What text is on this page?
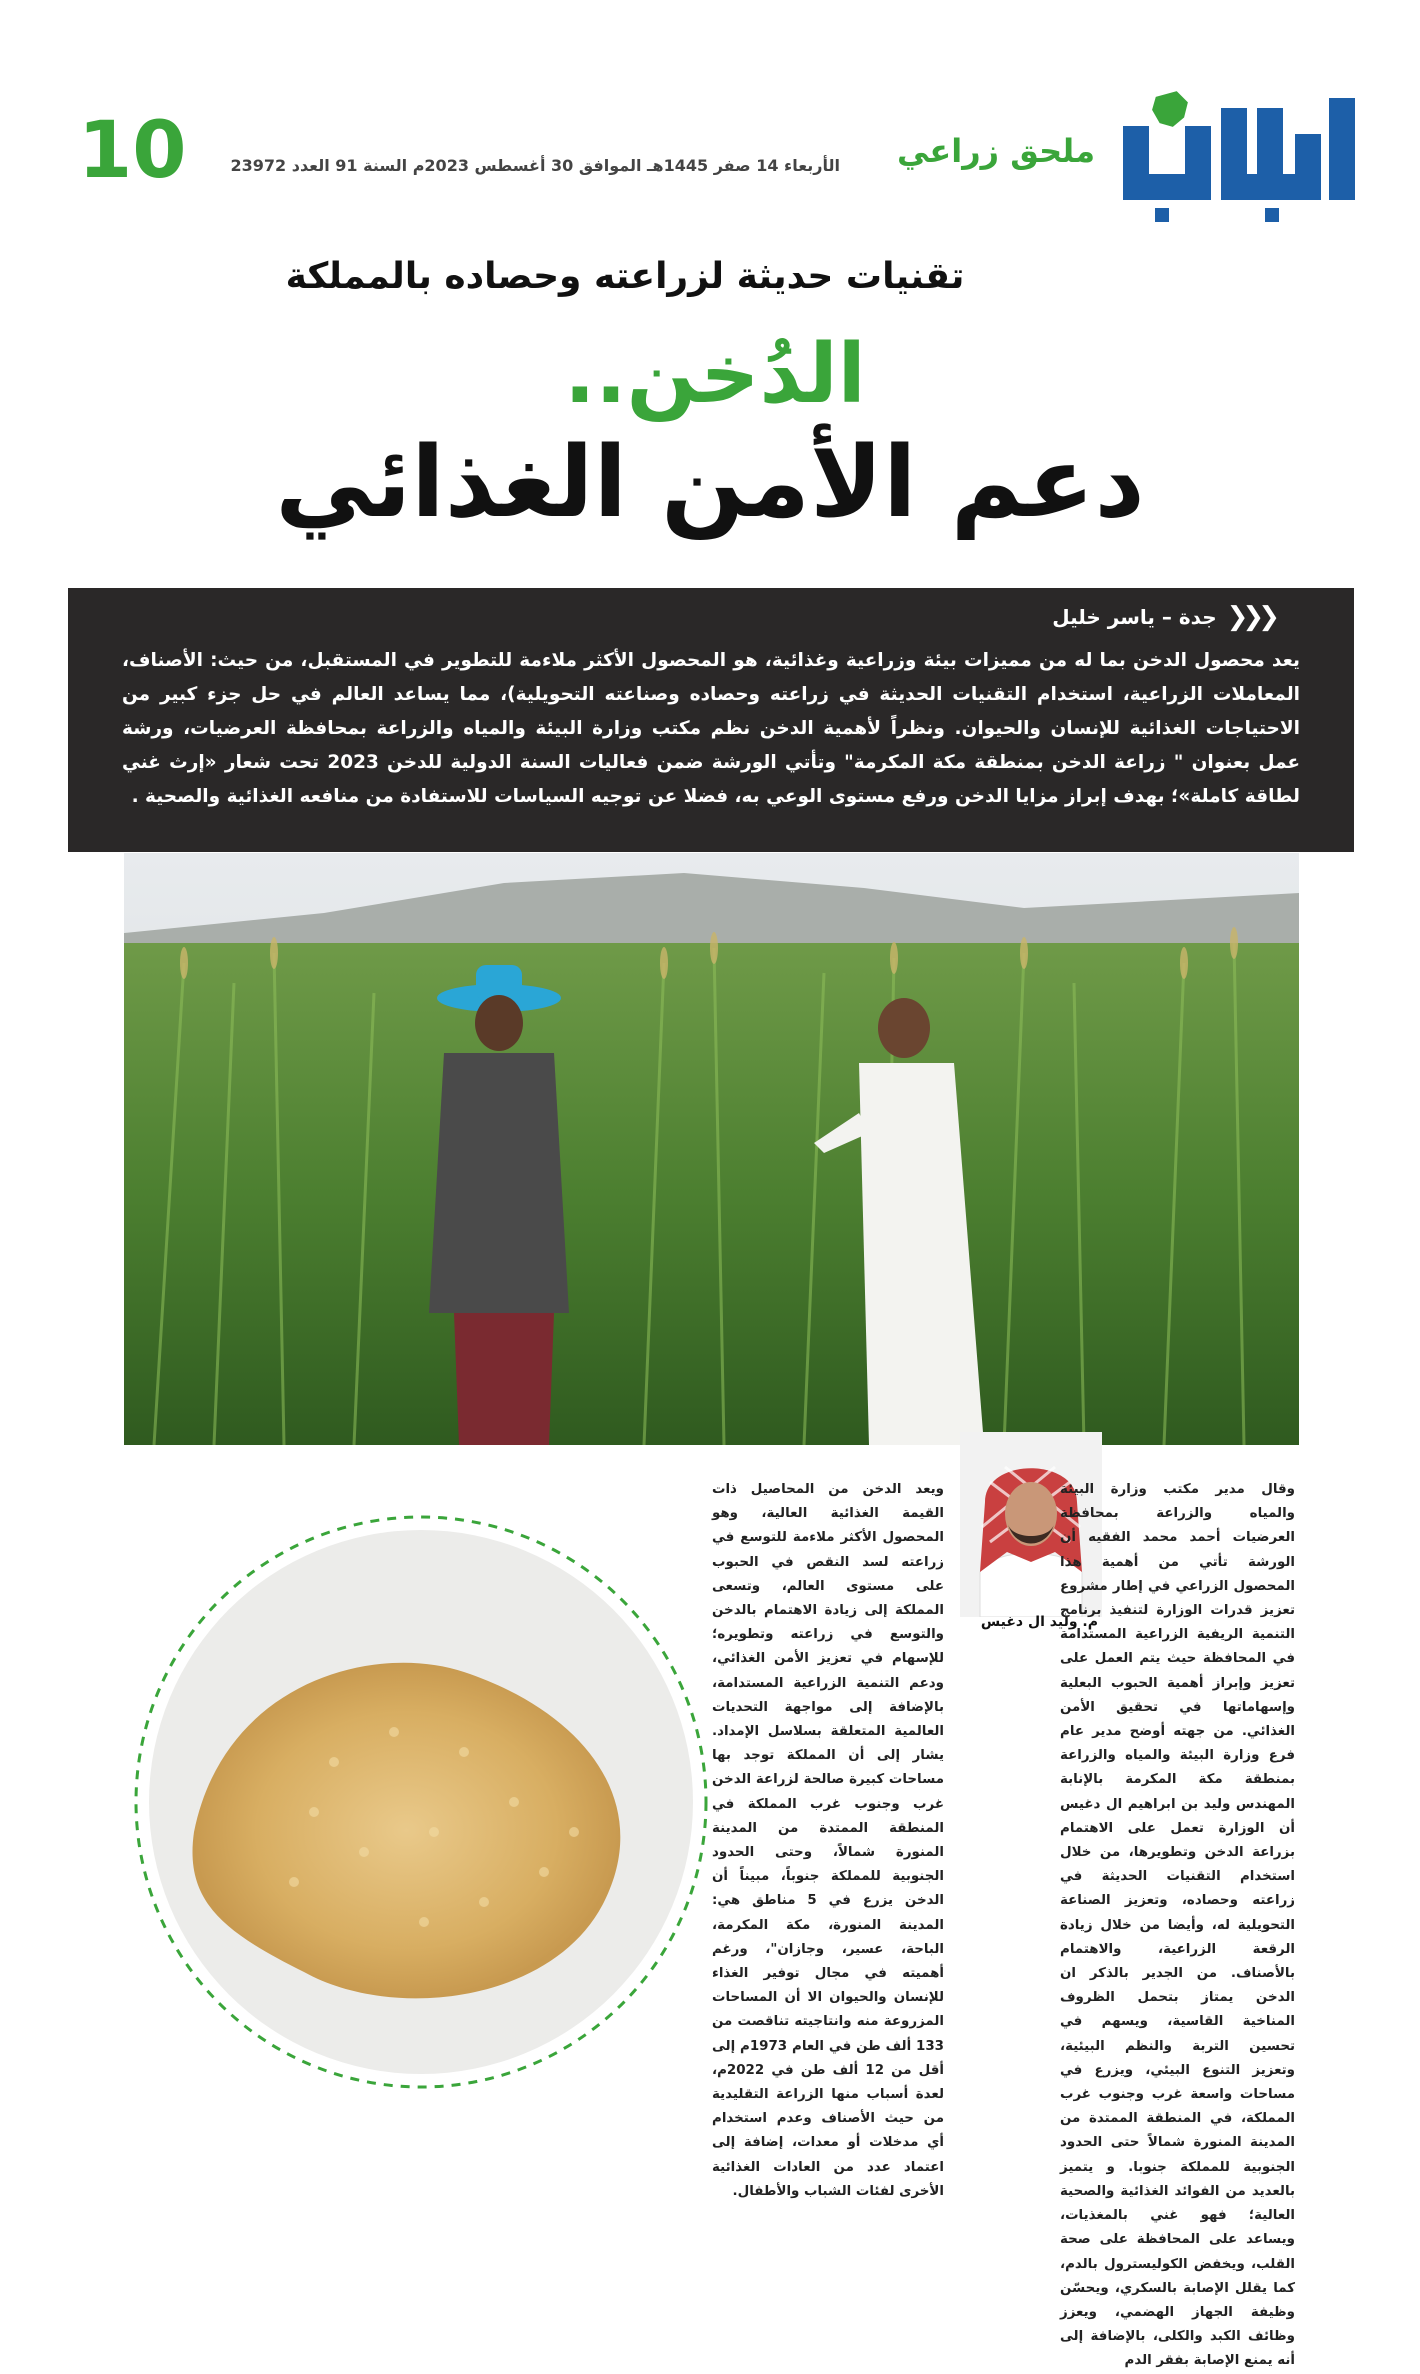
10	الأربعاء 14 صفر 1445هـ الموافق 30 أغسطس 2023م السنة 91 العدد 23972 ملحق زراعي
تقنيات حديثة لزراعته وحصاده بالمملكة
الدُخن..
دعم الأمن الغذائي
❮❮❮
جدة – ياسر خليل
يعد محصول الدخن بما له من مميزات بيئة وزراعية وغذائية، هو المحصول الأكثر ملاءمة للتطوير في المستقبل، من حيث: الأصناف، المعاملات الزراعية، استخدام التقنيات الحديثة في زراعته وحصاده وصناعته التحويلية)، مما يساعد العالم في حل جزء كبير من الاحتياجات الغذائية للإنسان والحيوان. ونظراً لأهمية الدخن نظم مكتب وزارة البيئة والمياه والزراعة بمحافظة العرضيات، ورشة عمل بعنوان " زراعة الدخن بمنطقة مكة المكرمة" وتأتي الورشة ضمن فعاليات السنة الدولية للدخن 2023 تحت شعار «إرث غني لطاقة كاملة»؛ بهدف إبراز مزايا الدخن ورفع مستوى الوعي به، فضلا عن توجيه السياسات للاستفادة من منافعه الغذائية والصحية .
م. وليد ال دغيس
وقال مدير مكتب وزارة البيئة والمياه والزراعة بمحافظة العرضيات أحمد محمد الفقيه أن الورشة تأتي من أهمية هذا المحصول الزراعي في إطار مشروع تعزيز قدرات الوزارة لتنفيذ برنامج التنمية الريفية الزراعية المستدامة في المحافظة حيث يتم العمل على تعزيز وإبراز أهمية الحبوب البعلية وإسهاماتها في تحقيق الأمن الغذائي. من جهته أوضح مدير عام فرع وزارة البيئة والمياه والزراعة بمنطقة مكة المكرمة بالإنابة المهندس وليد بن ابراهيم ال دغيس أن الوزارة تعمل على الاهتمام بزراعة الدخن وتطويرها، من خلال استخدام التقنيات الحديثة في زراعته وحصاده، وتعزيز الصناعة التحويلية له، وأيضا من خلال زيادة الرقعة الزراعية، والاهتمام بالأصناف. من الجدير بالذكر ان الدخن يمتاز بتحمل الظروف المناخية القاسية، ويسهم في تحسين التربة والنظم البيئية، وتعزيز التنوع البيئي، ويزرع في مساحات واسعة غرب وجنوب غرب المملكة، في المنطقة الممتدة من المدينة المنورة شمالاً حتى الحدود الجنوبية للمملكة جنوبا. و يتميز بالعديد من الفوائد الغذائية والصحية العالية؛ فهو غني بالمغذيات، ويساعد على المحافظة على صحة القلب، ويخفض الكوليسترول بالدم، كما يقلل الإصابة بالسكري، ويحسّن وظيفة الجهاز الهضمي، ويعزز وظائف الكبد والكلى، بالإضافة إلى أنه يمنع الإصابة بفقر الدم
ويعد الدخن من المحاصيل ذات القيمة الغذائية العالية، وهو المحصول الأكثر ملاءمة للتوسع في زراعته لسد النقص في الحبوب على مستوى العالم، وتسعى المملكة إلى زيادة الاهتمام بالدخن والتوسع في زراعته وتطويره؛ للإسهام في تعزيز الأمن الغذائي، ودعم التنمية الزراعية المستدامة، بالإضافة إلى مواجهة التحديات العالمية المتعلقة بسلاسل الإمداد. يشار إلى أن المملكة توجد بها مساحات كبيرة صالحة لزراعة الدخن غرب وجنوب غرب المملكة في المنطقة الممتدة من المدينة المنورة شمالاً، وحتى الحدود الجنوبية للمملكة جنوباً، مبيناً أن الدخن يزرع في 5 مناطق هي: المدينة المنورة، مكة المكرمة، الباحة، عسير، وجازان"، ورغم أهميته في مجال توفير الغذاء للإنسان والحيوان الا أن المساحات المزروعة منه وانتاجيته تناقصت من 133 ألف طن في العام 1973م إلى أقل من 12 ألف طن في 2022م، لعدة أسباب منها الزراعة التقليدية من حيث الأصناف وعدم استخدام أي مدخلات أو معدات، إضافة إلى اعتماد عدد من العادات الغذائية الأخرى لفئات الشباب والأطفال.
